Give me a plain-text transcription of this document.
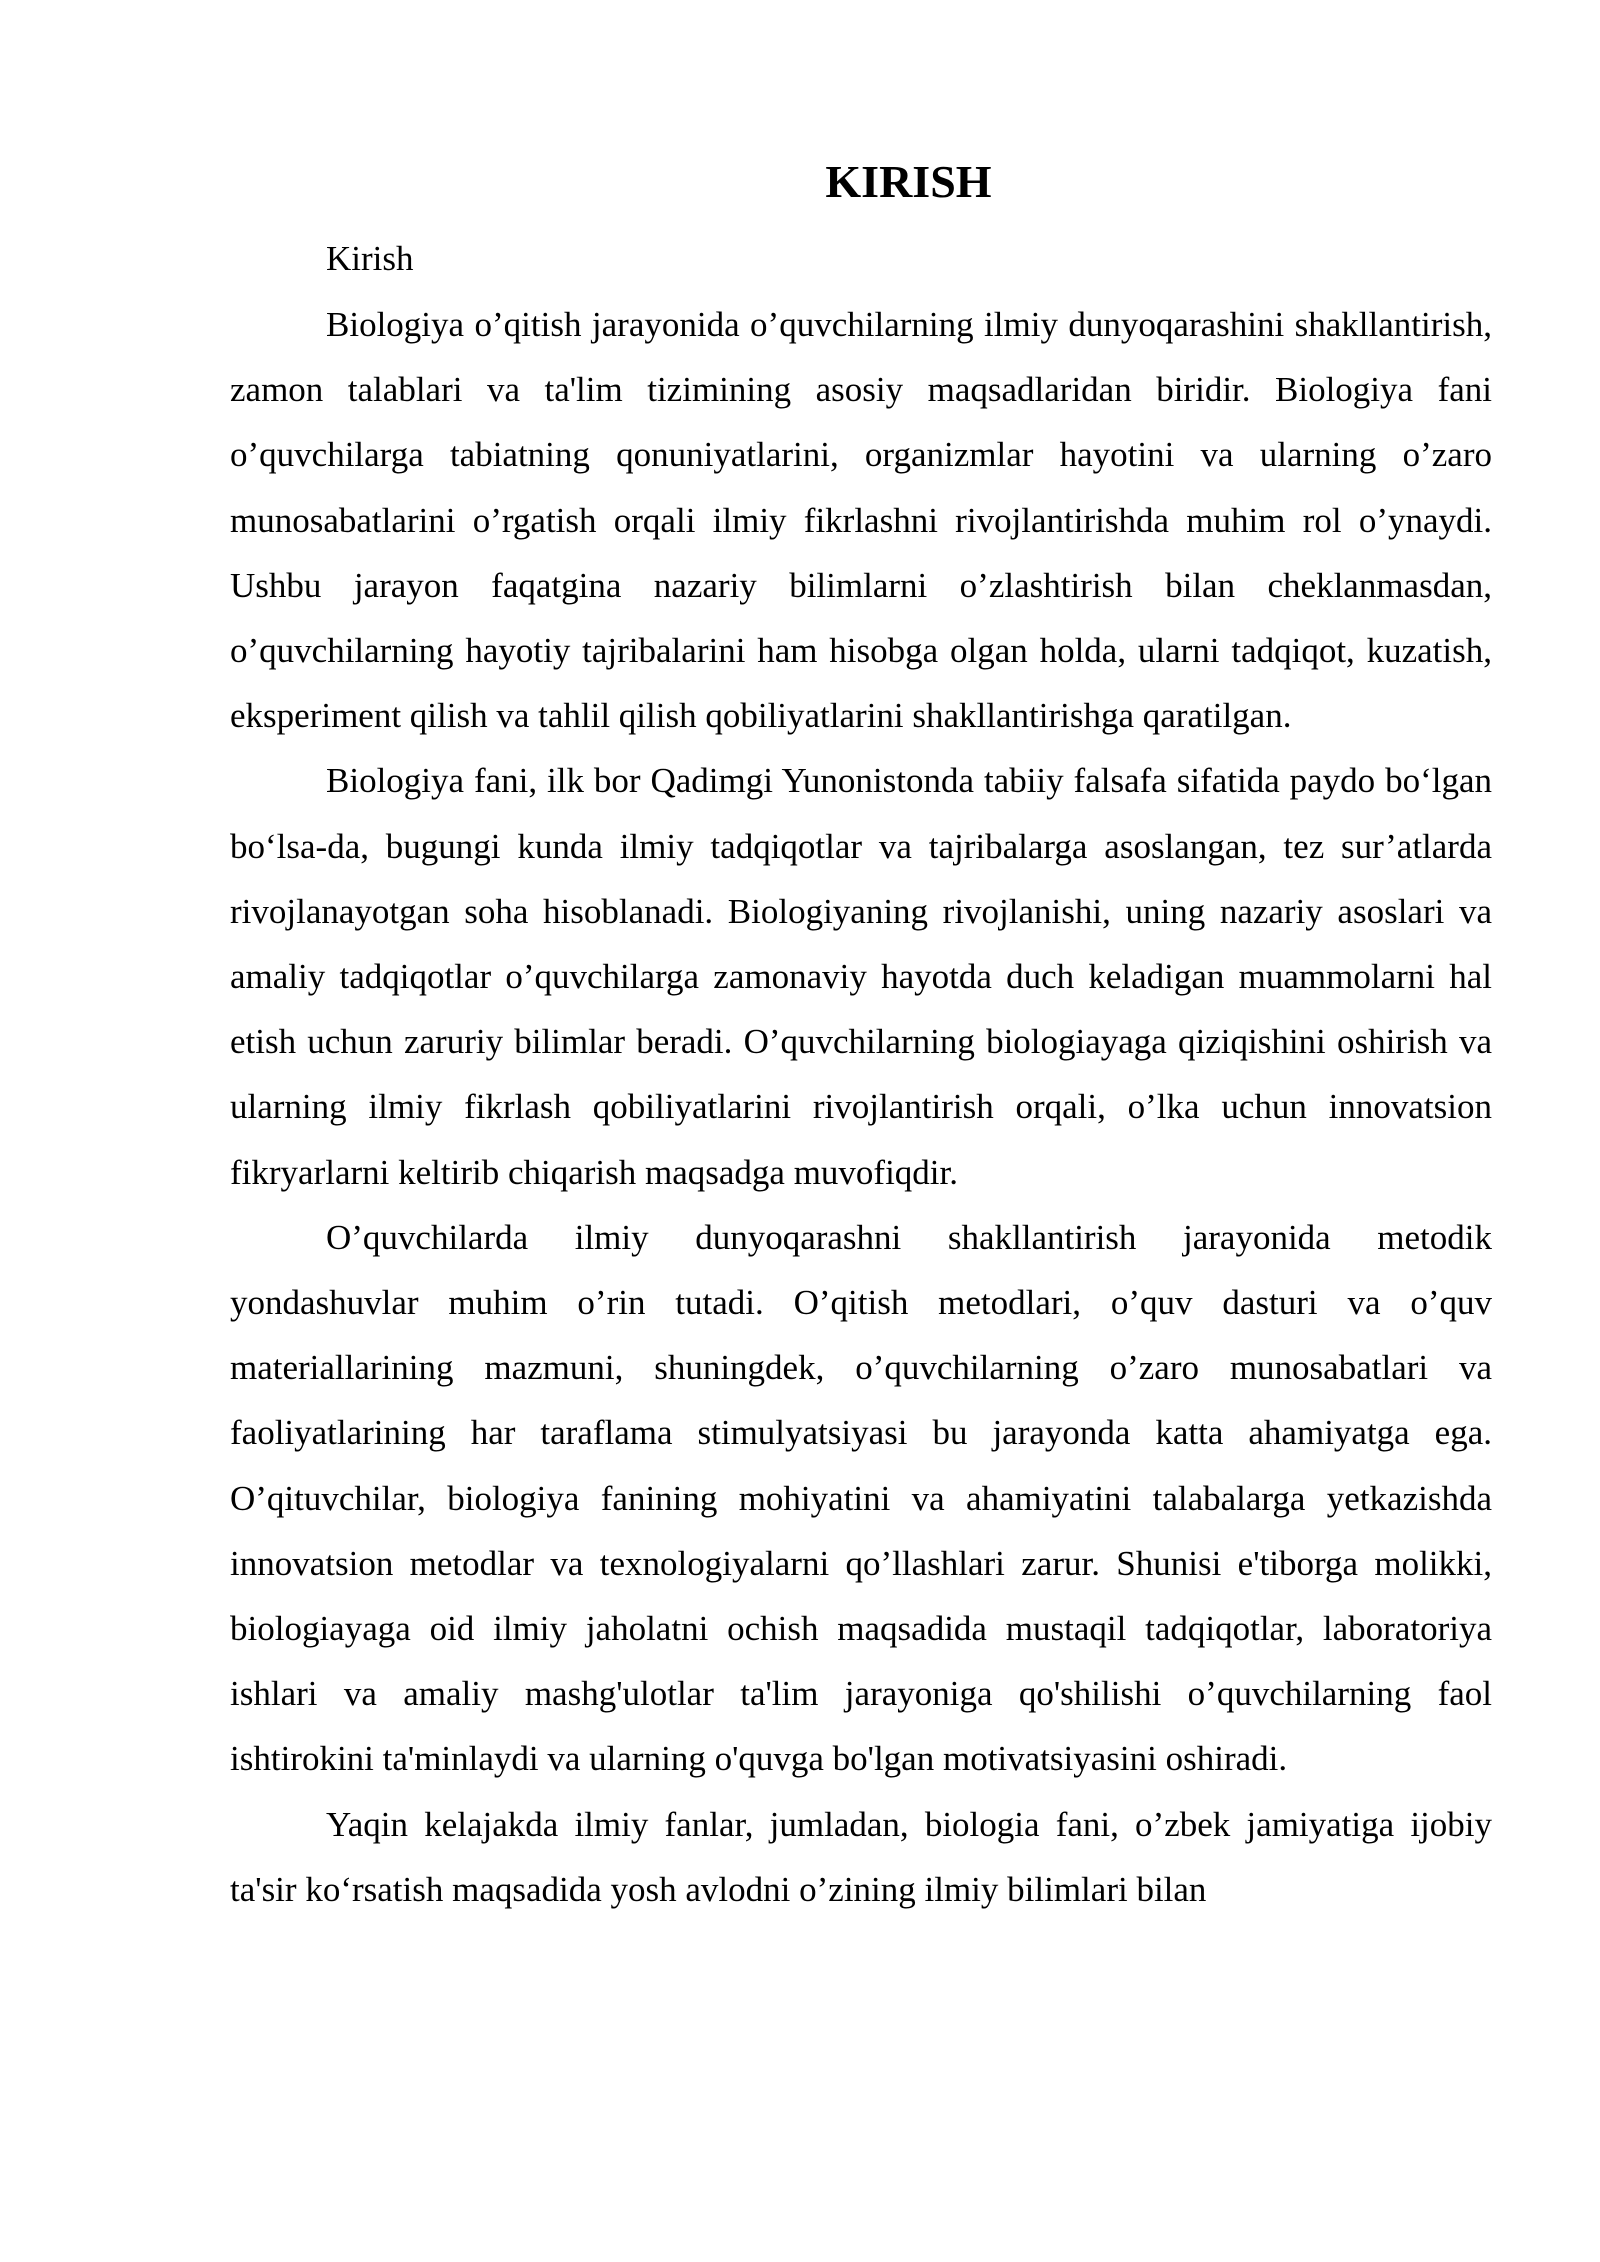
KIRISH

Kirish

Biologiya o’qitish jarayonida o’quvchilarning ilmiy dunyoqarashini shakllantirish, zamon talablari va ta'lim tizimining asosiy maqsadlaridan biridir. Biologiya fani o’quvchilarga tabiatning qonuniyatlarini, organizmlar hayotini va ularning o’zaro munosabatlarini o’rgatish orqali ilmiy fikrlashni rivojlantirishda muhim rol o’ynaydi. Ushbu jarayon faqatgina nazariy bilimlarni o’zlashtirish bilan cheklanmasdan, o’quvchilarning hayotiy tajribalarini ham hisobga olgan holda, ularni tadqiqot, kuzatish, eksperiment qilish va tahlil qilish qobiliyatlarini shakllantirishga qaratilgan.

Biologiya fani, ilk bor Qadimgi Yunonistonda tabiiy falsafa sifatida paydo boʻlgan boʻlsa-da, bugungi kunda ilmiy tadqiqotlar va tajribalarga asoslangan, tez sur’atlarda rivojlanayotgan soha hisoblanadi. Biologiyaning rivojlanishi, uning nazariy asoslari va amaliy tadqiqotlar o’quvchilarga zamonaviy hayotda duch keladigan muammolarni hal etish uchun zaruriy bilimlar beradi. O’quvchilarning biologiayaga qiziqishini oshirish va ularning ilmiy fikrlash qobiliyatlarini rivojlantirish orqali, o’lka uchun innovatsion fikryarlarni keltirib chiqarish maqsadga muvofiqdir.

O’quvchilarda ilmiy dunyoqarashni shakllantirish jarayonida metodik yondashuvlar muhim o’rin tutadi. O’qitish metodlari, o’quv dasturi va o’quv materiallarining mazmuni, shuningdek, o’quvchilarning o’zaro munosabatlari va faoliyatlarining har taraflama stimulyatsiyasi bu jarayonda katta ahamiyatga ega. O’qituvchilar, biologiya fanining mohiyatini va ahamiyatini talabalarga yetkazishda innovatsion metodlar va texnologiyalarni qo’llashlari zarur. Shunisi e'tiborga molikki, biologiayaga oid ilmiy jaholatni ochish maqsadida mustaqil tadqiqotlar, laboratoriya ishlari va amaliy mashg'ulotlar ta'lim jarayoniga qo'shilishi o’quvchilarning faol ishtirokini ta'minlaydi va ularning o'quvga bo'lgan motivatsiyasini oshiradi.

Yaqin kelajakda ilmiy fanlar, jumladan, biologia fani, o’zbek jamiyatiga ijobiy ta'sir koʻrsatish maqsadida yosh avlodni o’zining ilmiy bilimlari bilan
